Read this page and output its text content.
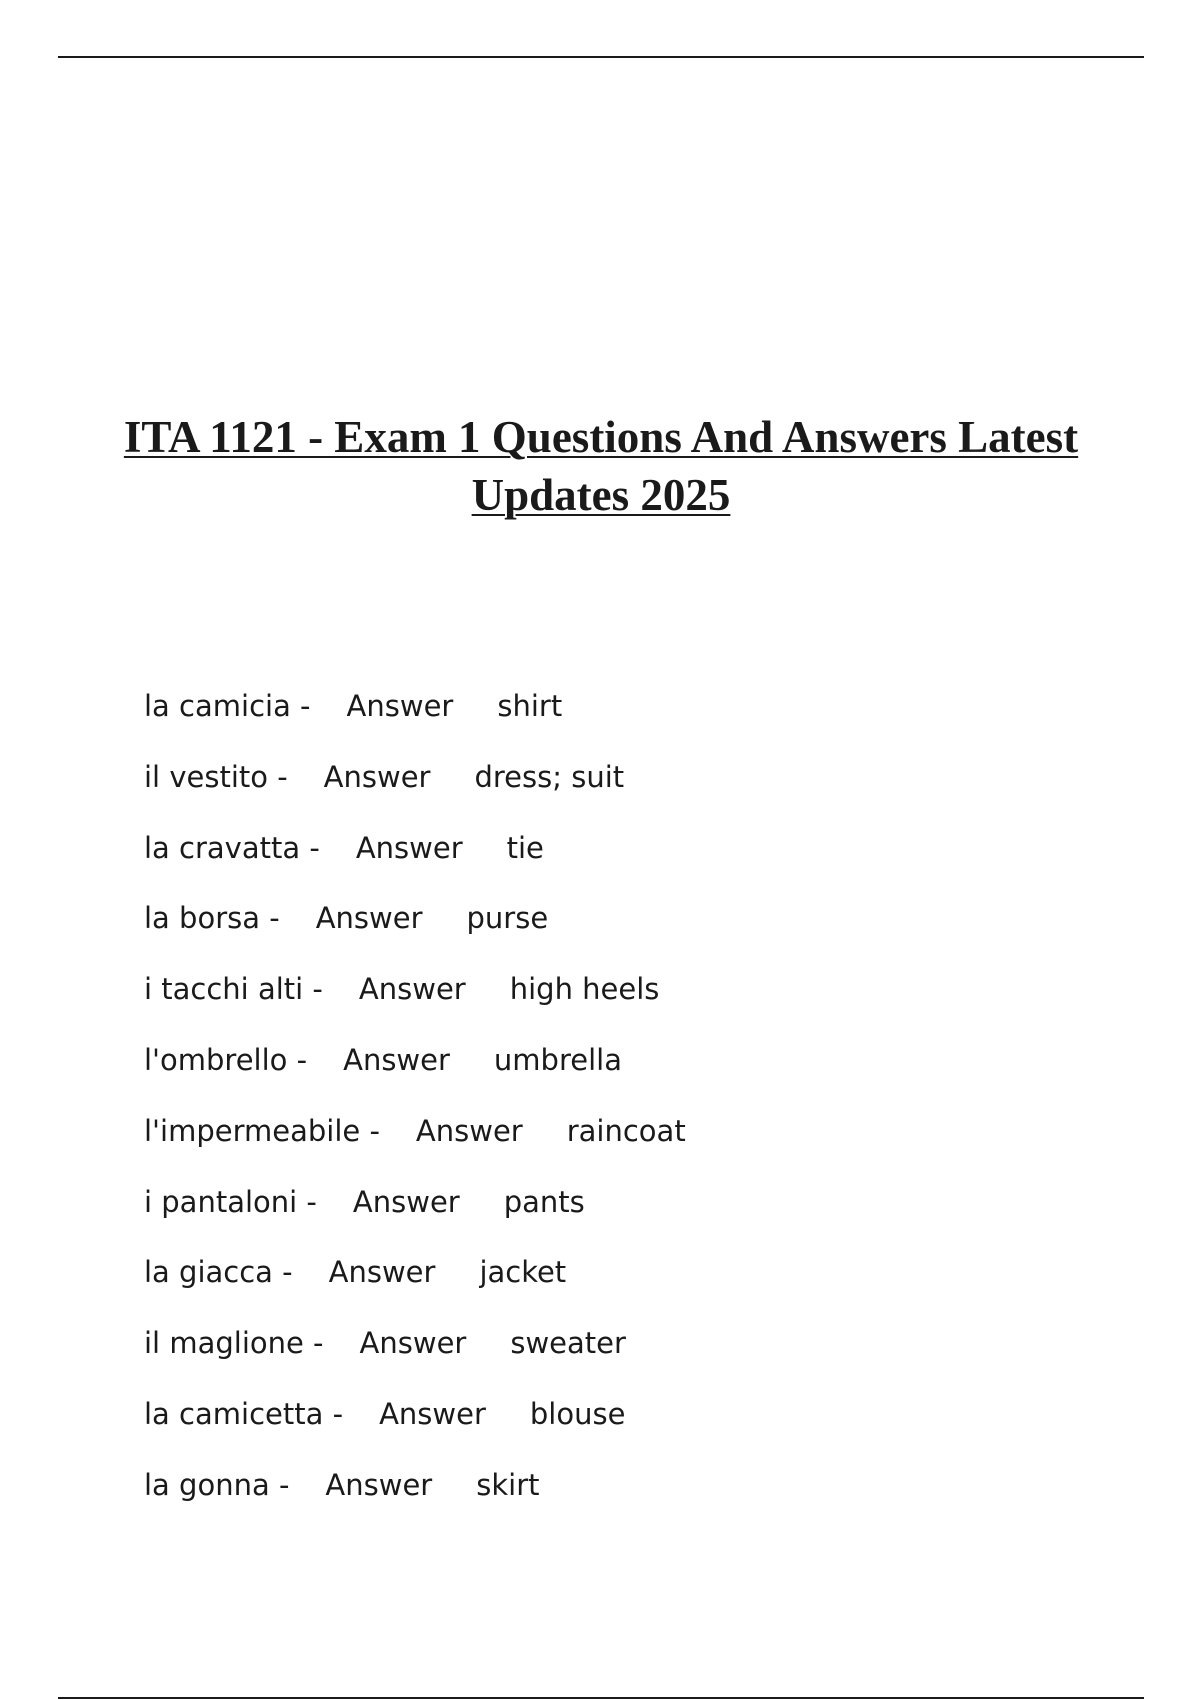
ITA 1121 - Exam 1 Questions And Answers Latest Updates 2025
la camicia - Answer shirt
il vestito - Answer dress; suit
la cravatta - Answer tie
la borsa - Answer purse
i tacchi alti - Answer high heels
l'ombrello - Answer umbrella
l'impermeabile - Answer raincoat
i pantaloni - Answer pants
la giacca - Answer jacket
il maglione - Answer sweater
la camicetta - Answer blouse
la gonna - Answer skirt
